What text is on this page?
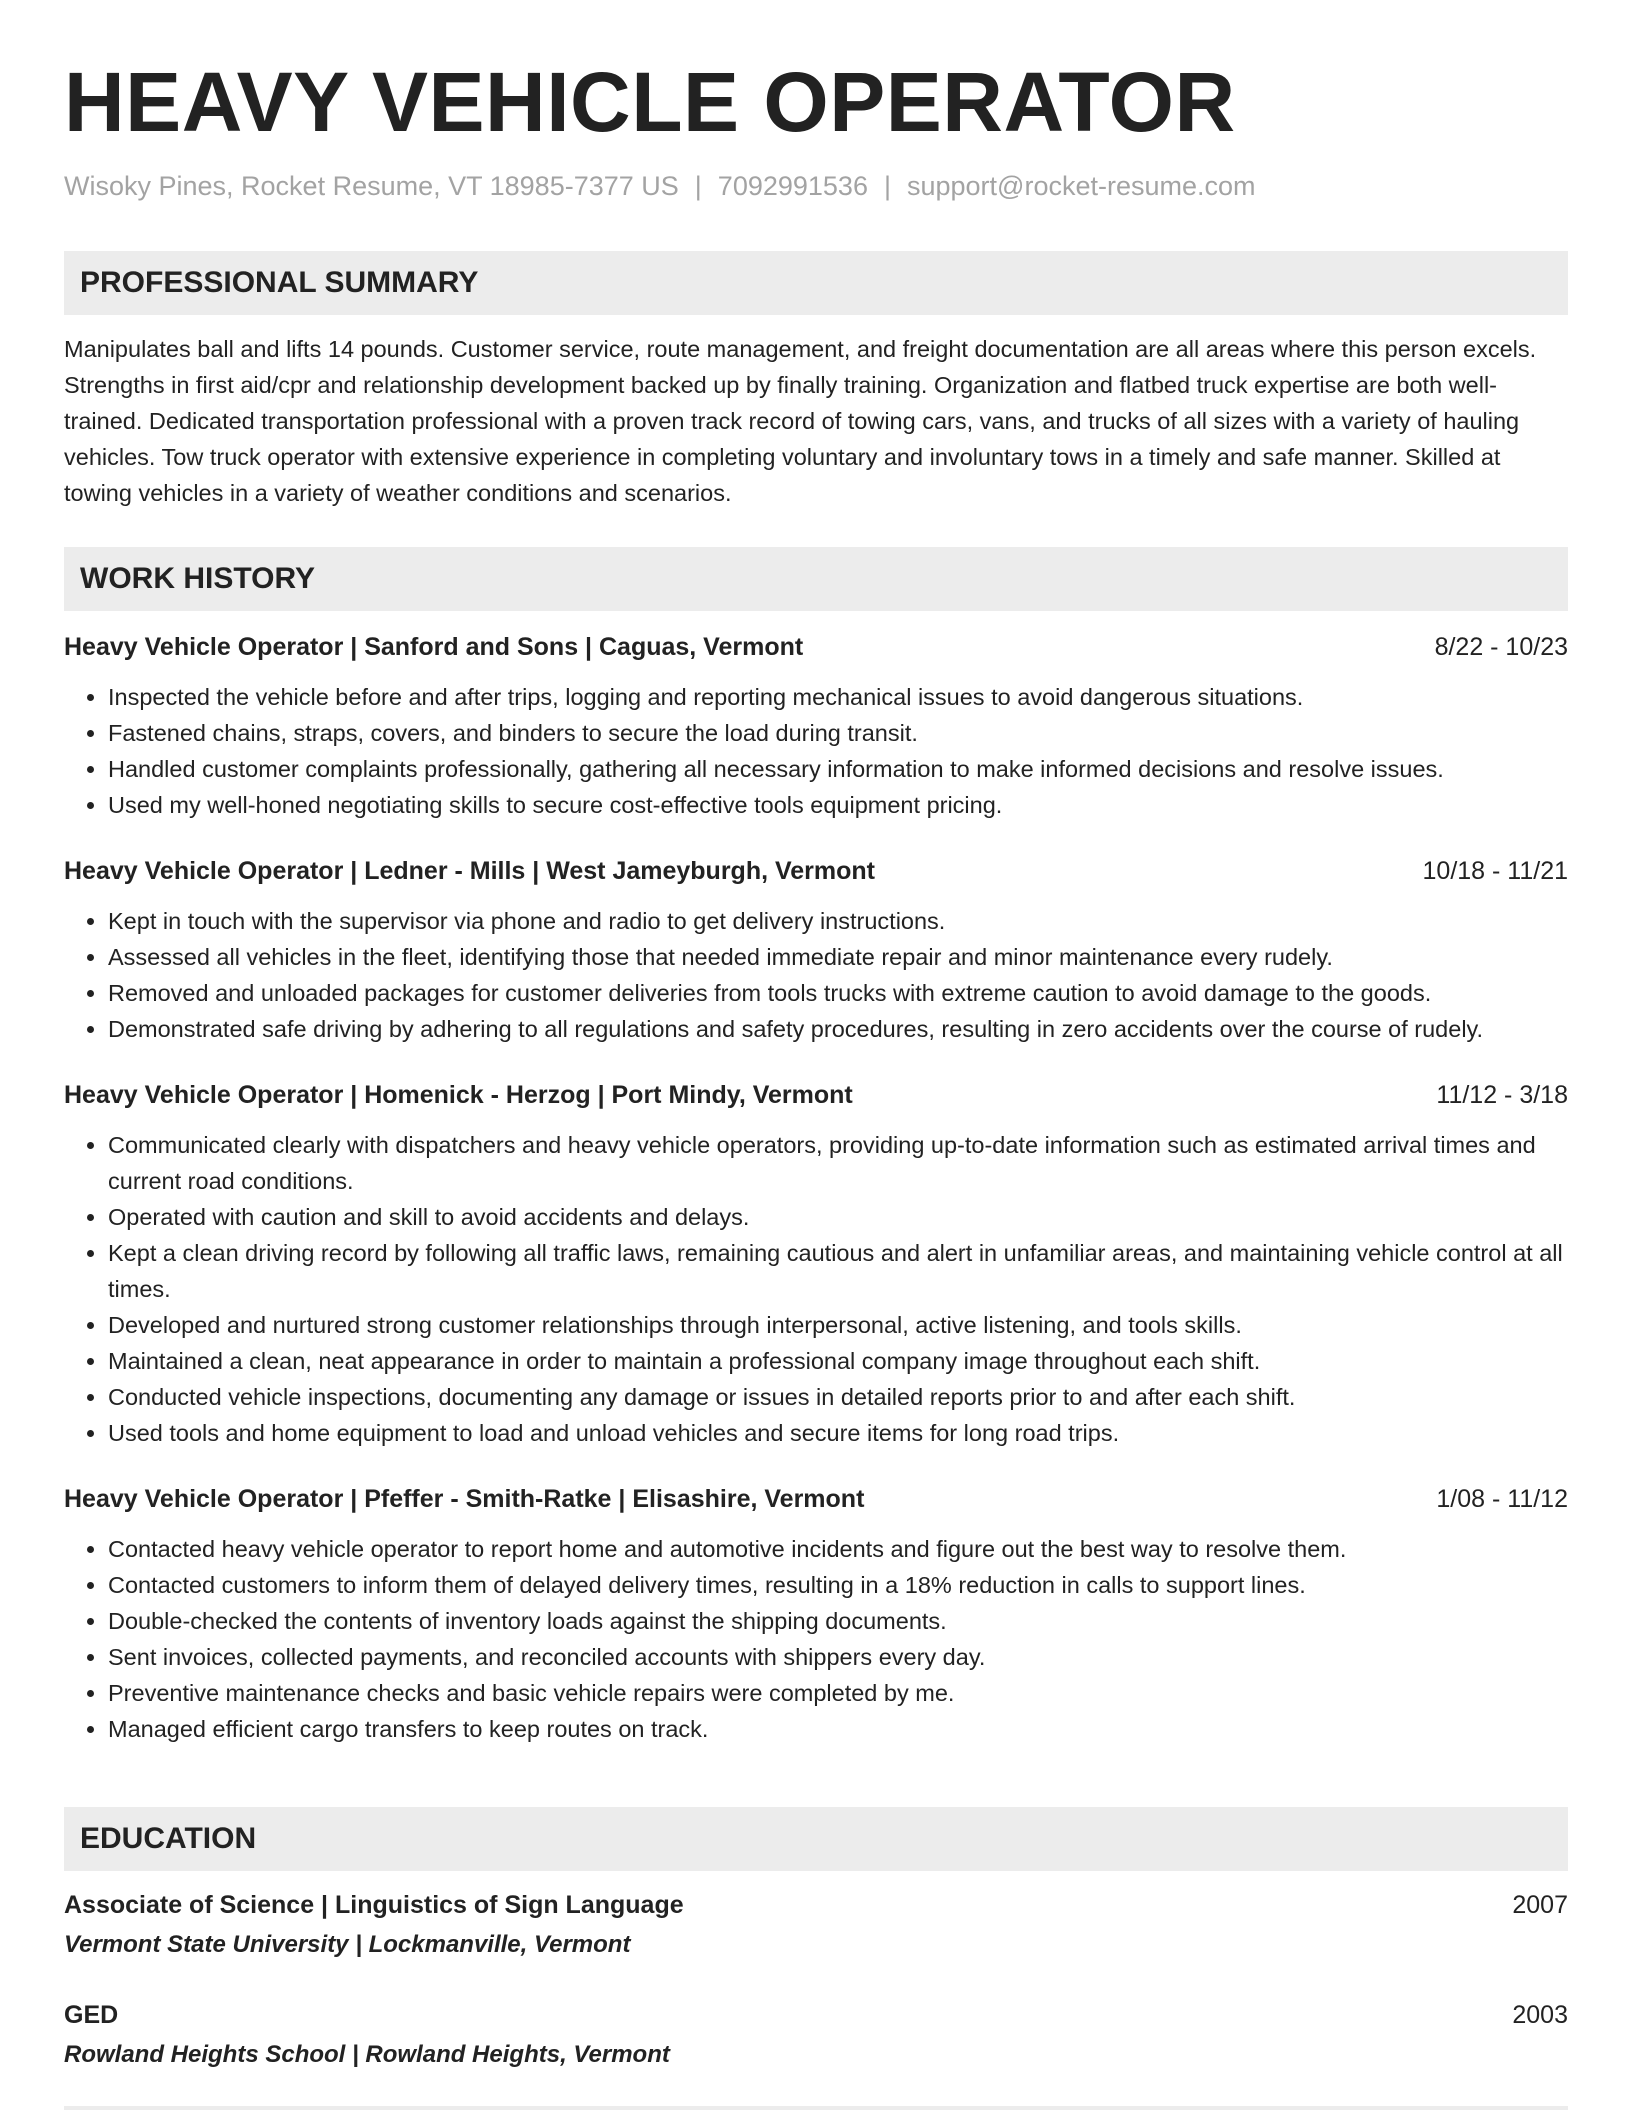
HEAVY VEHICLE OPERATOR
Wisoky Pines, Rocket Resume, VT 18985-7377 US | 7092991536 | support@rocket-resume.com
PROFESSIONAL SUMMARY
Manipulates ball and lifts 14 pounds. Customer service, route management, and freight documentation are all areas where this person excels. Strengths in first aid/cpr and relationship development backed up by finally training. Organization and flatbed truck expertise are both well-trained. Dedicated transportation professional with a proven track record of towing cars, vans, and trucks of all sizes with a variety of hauling vehicles. Tow truck operator with extensive experience in completing voluntary and involuntary tows in a timely and safe manner. Skilled at towing vehicles in a variety of weather conditions and scenarios.
WORK HISTORY
Heavy Vehicle Operator | Sanford and Sons | Caguas, Vermont	8/22 - 10/23
• Inspected the vehicle before and after trips, logging and reporting mechanical issues to avoid dangerous situations.
• Fastened chains, straps, covers, and binders to secure the load during transit.
• Handled customer complaints professionally, gathering all necessary information to make informed decisions and resolve issues.
• Used my well-honed negotiating skills to secure cost-effective tools equipment pricing.
Heavy Vehicle Operator | Ledner - Mills | West Jameyburgh, Vermont	10/18 - 11/21
• Kept in touch with the supervisor via phone and radio to get delivery instructions.
• Assessed all vehicles in the fleet, identifying those that needed immediate repair and minor maintenance every rudely.
• Removed and unloaded packages for customer deliveries from tools trucks with extreme caution to avoid damage to the goods.
• Demonstrated safe driving by adhering to all regulations and safety procedures, resulting in zero accidents over the course of rudely.
Heavy Vehicle Operator | Homenick - Herzog | Port Mindy, Vermont	11/12 - 3/18
• Communicated clearly with dispatchers and heavy vehicle operators, providing up-to-date information such as estimated arrival times and current road conditions.
• Operated with caution and skill to avoid accidents and delays.
• Kept a clean driving record by following all traffic laws, remaining cautious and alert in unfamiliar areas, and maintaining vehicle control at all times.
• Developed and nurtured strong customer relationships through interpersonal, active listening, and tools skills.
• Maintained a clean, neat appearance in order to maintain a professional company image throughout each shift.
• Conducted vehicle inspections, documenting any damage or issues in detailed reports prior to and after each shift.
• Used tools and home equipment to load and unload vehicles and secure items for long road trips.
Heavy Vehicle Operator | Pfeffer - Smith-Ratke | Elisashire, Vermont	1/08 - 11/12
• Contacted heavy vehicle operator to report home and automotive incidents and figure out the best way to resolve them.
• Contacted customers to inform them of delayed delivery times, resulting in a 18% reduction in calls to support lines.
• Double-checked the contents of inventory loads against the shipping documents.
• Sent invoices, collected payments, and reconciled accounts with shippers every day.
• Preventive maintenance checks and basic vehicle repairs were completed by me.
• Managed efficient cargo transfers to keep routes on track.
EDUCATION
Associate of Science | Linguistics of Sign Language	2007
Vermont State University | Lockmanville, Vermont
GED	2003
Rowland Heights School | Rowland Heights, Vermont
